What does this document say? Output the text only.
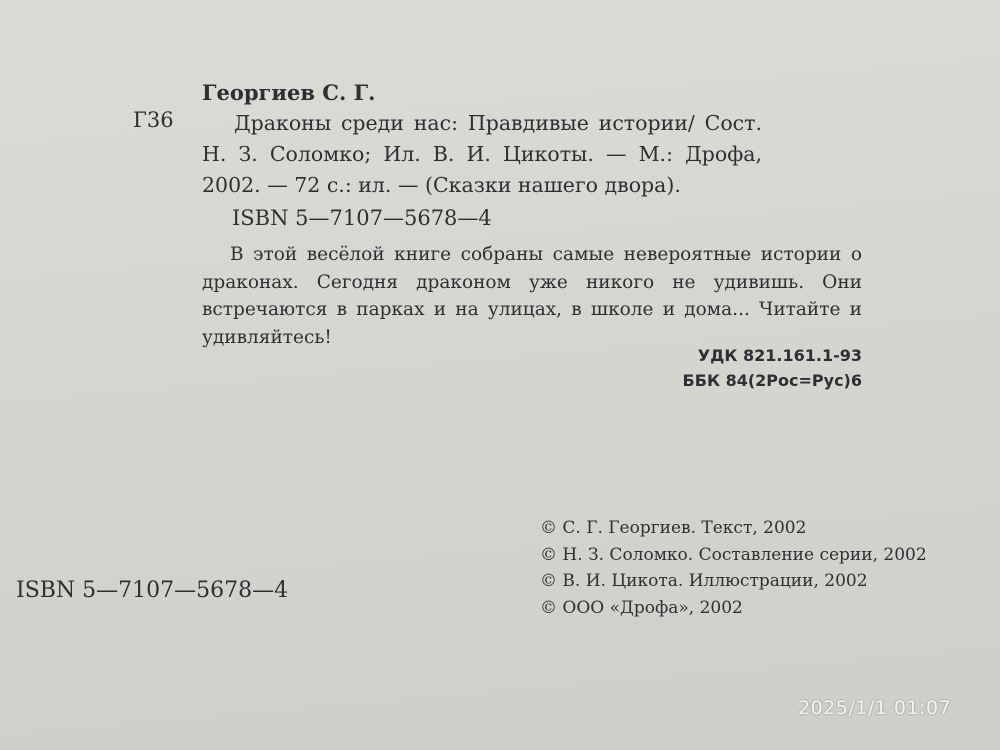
Георгиев С. Г.
Г36	Драконы среди нас: Правдивые истории/ Сост.
Н. З. Соломко; Ил. В. И. Цикоты. — М.: Дрофа,
2002. — 72 с.: ил. — (Сказки нашего двора).
ISBN 5—7107—5678—4
В этой весёлой книге собраны самые невероятные истории о
драконах. Сегодня драконом уже никого не удивишь. Они
встречаются в парках и на улицах, в школе и дома... Читайте и
удивляйтесь!
УДК 821.161.1-93
ББК 84(2Рос=Рус)6
ISBN 5—7107—5678—4
© С. Г. Георгиев. Текст, 2002
© Н. З. Соломко. Составление серии, 2002
© В. И. Цикота. Иллюстрации, 2002
© ООО «Дрофа», 2002
2025/1/1 01:07
